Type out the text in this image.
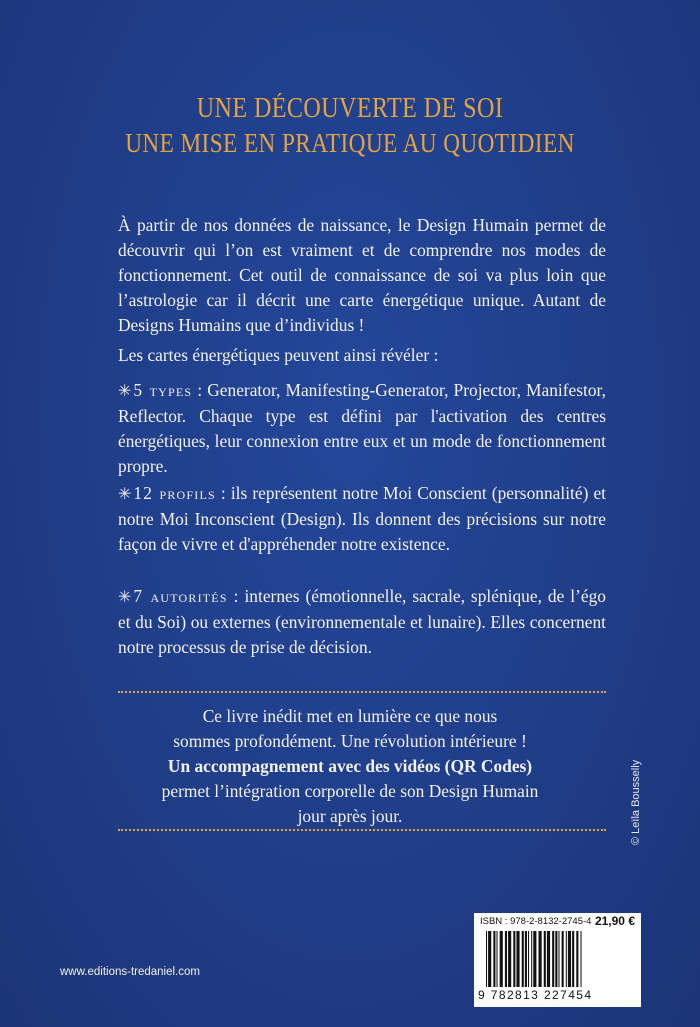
UNE DÉCOUVERTE DE SOI
UNE MISE EN PRATIQUE AU QUOTIDIEN
À partir de nos données de naissance, le Design Humain permet de découvrir qui l’on est vraiment et de comprendre nos modes de fonctionnement. Cet outil de connaissance de soi va plus loin que l’astrologie car il décrit une carte énergétique unique. Autant de Designs Humains que d’individus !
Les cartes énergétiques peuvent ainsi révéler :
✳ 5 types : Generator, Manifesting-Generator, Projector, Manifestor, Reflector. Chaque type est défini par l'activation des centres énergétiques, leur connexion entre eux et un mode de fonctionnement propre.
✳ 12 profils : ils représentent notre Moi Conscient (personnalité) et notre Moi Inconscient (Design). Ils donnent des précisions sur notre façon de vivre et d'appréhender notre existence.
✳ 7 autorités : internes (émotionnelle, sacrale, splénique, de l’égo et du Soi) ou externes (environnementale et lunaire). Elles concernent notre processus de prise de décision.
Ce livre inédit met en lumière ce que nous
sommes profondément. Une révolution intérieure !
Un accompagnement avec des vidéos (QR Codes)
permet l’intégration corporelle de son Design Humain
jour après jour.	© Leïla Bousselly
www.editions-tredaniel.com
ISBN : 978-2-8132-2745-4 21,90 €
9 782813 227454
